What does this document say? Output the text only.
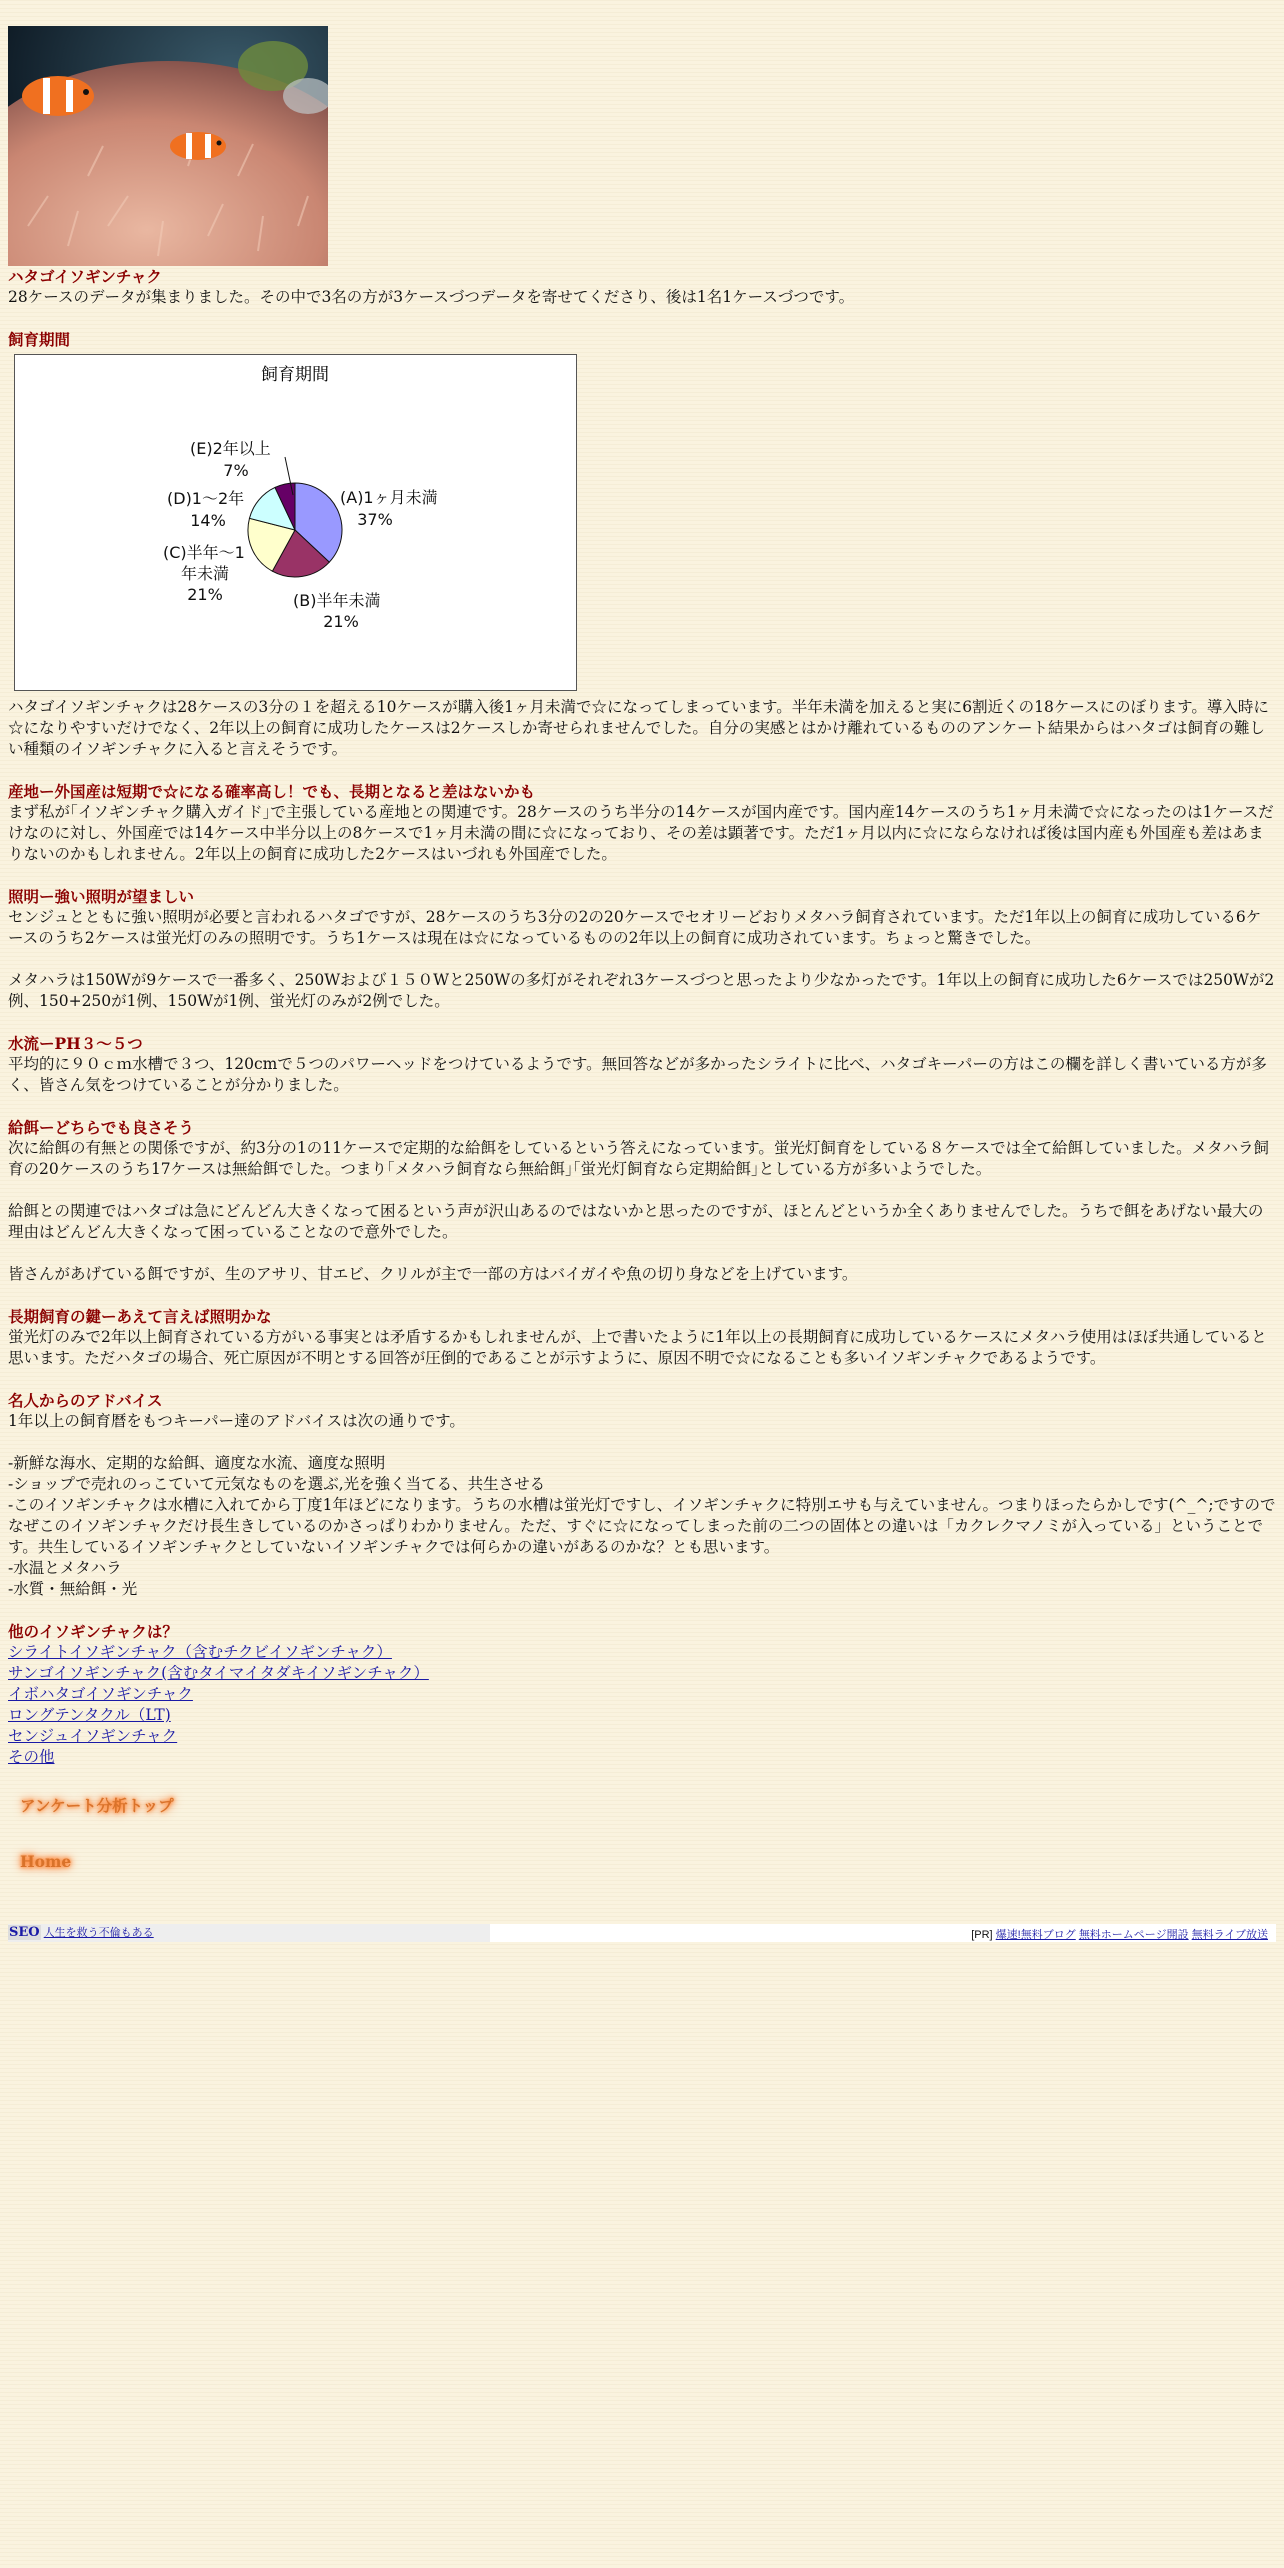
ハタゴイソギンチャク

28ケースのデータが集まりました。その中で3名の方が3ケースづつデータを寄せてくださり、後は1名1ケースづつです。

飼育期間
飼育期間
(A)1ヶ月未満
37%
(B)半年未満
21%
(C)半年〜1
年未満
21%
(D)1〜2年
14%
(E)2年以上
7%

ハタゴイソギンチャクは28ケースの3分の１を超える10ケースが購入後1ヶ月未満で☆になってしまっています。半年未満を加えると実に6割近くの18ケースにのぼります。導入時に☆になりやすいだけでなく、2年以上の飼育に成功したケースは2ケースしか寄せられませんでした。自分の実感とはかけ離れているもののアンケート結果からはハタゴは飼育の難しい種類のイソギンチャクに入ると言えそうです。

産地ー外国産は短期で☆になる確率高し！でも、長期となると差はないかも

まず私が｢イソギンチャク購入ガイド｣で主張している産地との関連です。28ケースのうち半分の14ケースが国内産です。国内産14ケースのうち1ヶ月未満で☆になったのは1ケースだけなのに対し、外国産では14ケース中半分以上の8ケースで1ヶ月未満の間に☆になっており、その差は顕著です。ただ1ヶ月以内に☆にならなければ後は国内産も外国産も差はあまりないのかもしれません。2年以上の飼育に成功した2ケースはいづれも外国産でした。

照明ー強い照明が望ましい

センジュとともに強い照明が必要と言われるハタゴですが、28ケースのうち3分の2の20ケースでセオリーどおりメタハラ飼育されています。ただ1年以上の飼育に成功している6ケースのうち2ケースは蛍光灯のみの照明です。うち1ケースは現在は☆になっているものの2年以上の飼育に成功されています。ちょっと驚きでした。

メタハラは150Wが9ケースで一番多く、250Wおよび１５０Wと250Wの多灯がそれぞれ3ケースづつと思ったより少なかったです。1年以上の飼育に成功した6ケースでは250Wが2例、150+250が1例、150Wが1例、蛍光灯のみが2例でした。

水流ーPH３～５つ

平均的に９０ｃｍ水槽で３つ、120cmで５つのパワーヘッドをつけているようです。無回答などが多かったシライトに比べ、ハタゴキーパーの方はこの欄を詳しく書いている方が多く、皆さん気をつけていることが分かりました。

給餌ーどちらでも良さそう

次に給餌の有無との関係ですが、約3分の1の11ケースで定期的な給餌をしているという答えになっています。蛍光灯飼育をしている８ケースでは全て給餌していました。メタハラ飼育の20ケースのうち17ケースは無給餌でした。つまり｢メタハラ飼育なら無給餌｣｢蛍光灯飼育なら定期給餌｣としている方が多いようでした。

給餌との関連ではハタゴは急にどんどん大きくなって困るという声が沢山あるのではないかと思ったのですが、ほとんどというか全くありませんでした。うちで餌をあげない最大の理由はどんどん大きくなって困っていることなので意外でした。

皆さんがあげている餌ですが、生のアサリ、甘エビ、クリルが主で一部の方はバイガイや魚の切り身などを上げています。

長期飼育の鍵ーあえて言えば照明かな

蛍光灯のみで2年以上飼育されている方がいる事実とは矛盾するかもしれませんが、上で書いたように1年以上の長期飼育に成功しているケースにメタハラ使用はほぼ共通していると思います。ただハタゴの場合、死亡原因が不明とする回答が圧倒的であることが示すように、原因不明で☆になることも多いイソギンチャクであるようです。

名人からのアドバイス

1年以上の飼育暦をもつキーパー達のアドバイスは次の通りです。

-新鮮な海水、定期的な給餌、適度な水流、適度な照明

-ショップで売れのっこていて元気なものを選ぶ,光を強く当てる、共生させる

-このイソギンチャクは水槽に入れてから丁度1年ほどになります。うちの水槽は蛍光灯ですし、イソギンチャクに特別エサも与えていません。つまりほったらかしです(^_^;ですのでなぜこのイソギンチャクだけ長生きしているのかさっぱりわかりません。ただ、すぐに☆になってしまった前の二つの固体との違いは「カクレクマノミが入っている」ということです。共生しているイソギンチャクとしていないイソギンチャクでは何らかの違いがあるのかな？とも思います。

-水温とメタハラ

-水質・無給餌・光

他のイソギンチャクは？
シライトイソギンチャク（含むチクビイソギンチャク）
サンゴイソギンチャク(含むタイマイタダキイソギンチャク）
イボハタゴイソギンチャク
ロングテンタクル（LT)
センジュイソギンチャク
その他
アンケート分析トップ
Home
SEO 人生を救う不倫もある	[PR] 爆速!無料ブログ 無料ホームページ開設 無料ライブ放送
